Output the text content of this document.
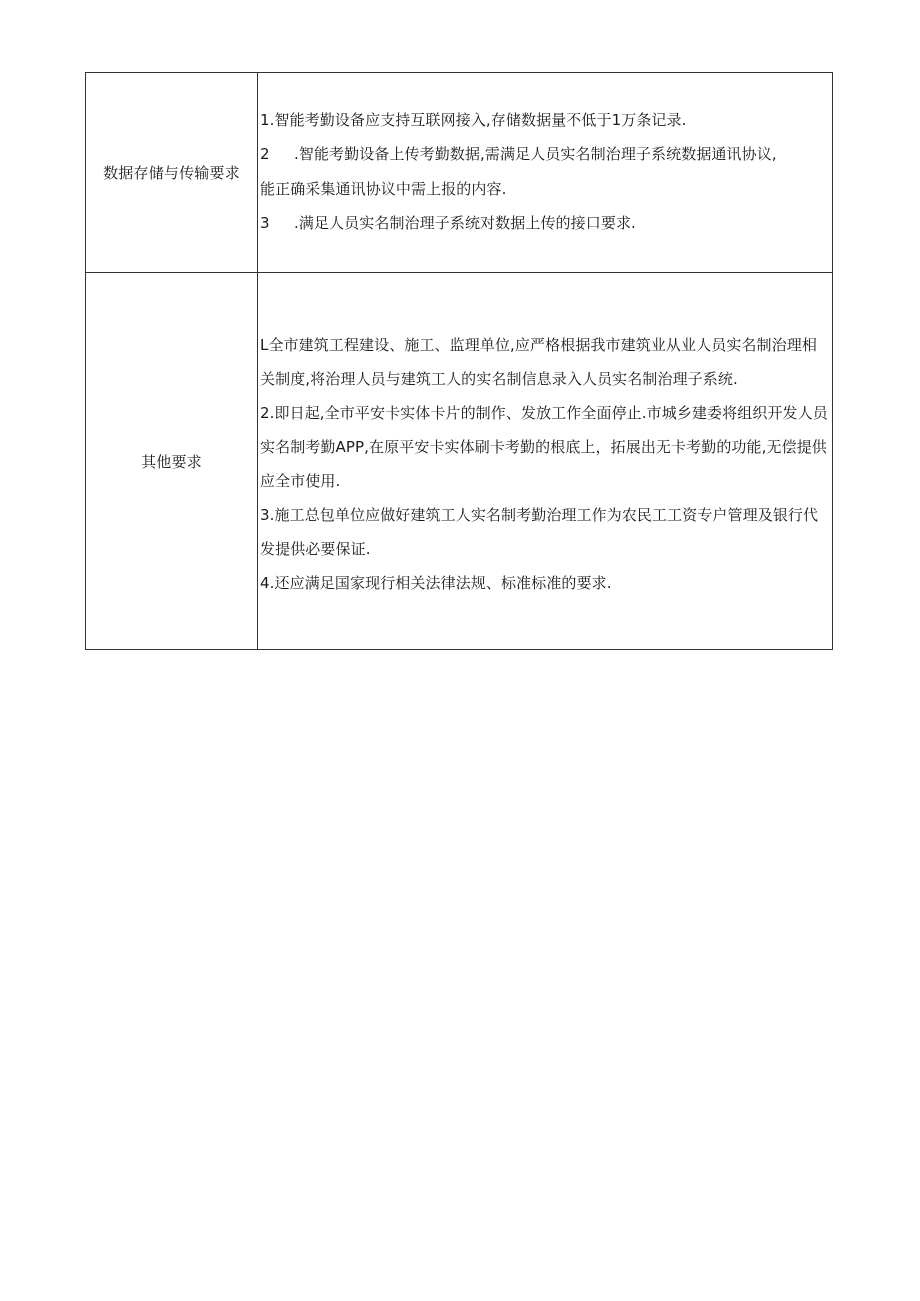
数据存储与传输要求	1.智能考勤设备应支持互联网接入,存储数据量不低于1万条记录.

2     .智能考勤设备上传考勤数据,需满足人员实名制治理子系统数据通讯协议,能正确采集通讯协议中需上报的内容.

3     .满足人员实名制治理子系统对数据上传的接口要求.

其他要求	L全市建筑工程建设、施工、监理单位,应严格根据我市建筑业从业人员实名制治理相关制度,将治理人员与建筑工人的实名制信息录入人员实名制治理子系统.

2.即日起,全市平安卡实体卡片的制作、发放工作全面停止.市城乡建委将组织开发人员实名制考勤APP,在原平安卡实体刷卡考勤的根底上，拓展出无卡考勤的功能,无偿提供应全市使用.

3.施工总包单位应做好建筑工人实名制考勤治理工作为农民工工资专户管理及银行代发提供必要保证.

4.还应满足国家现行相关法律法规、标准标准的要求.
